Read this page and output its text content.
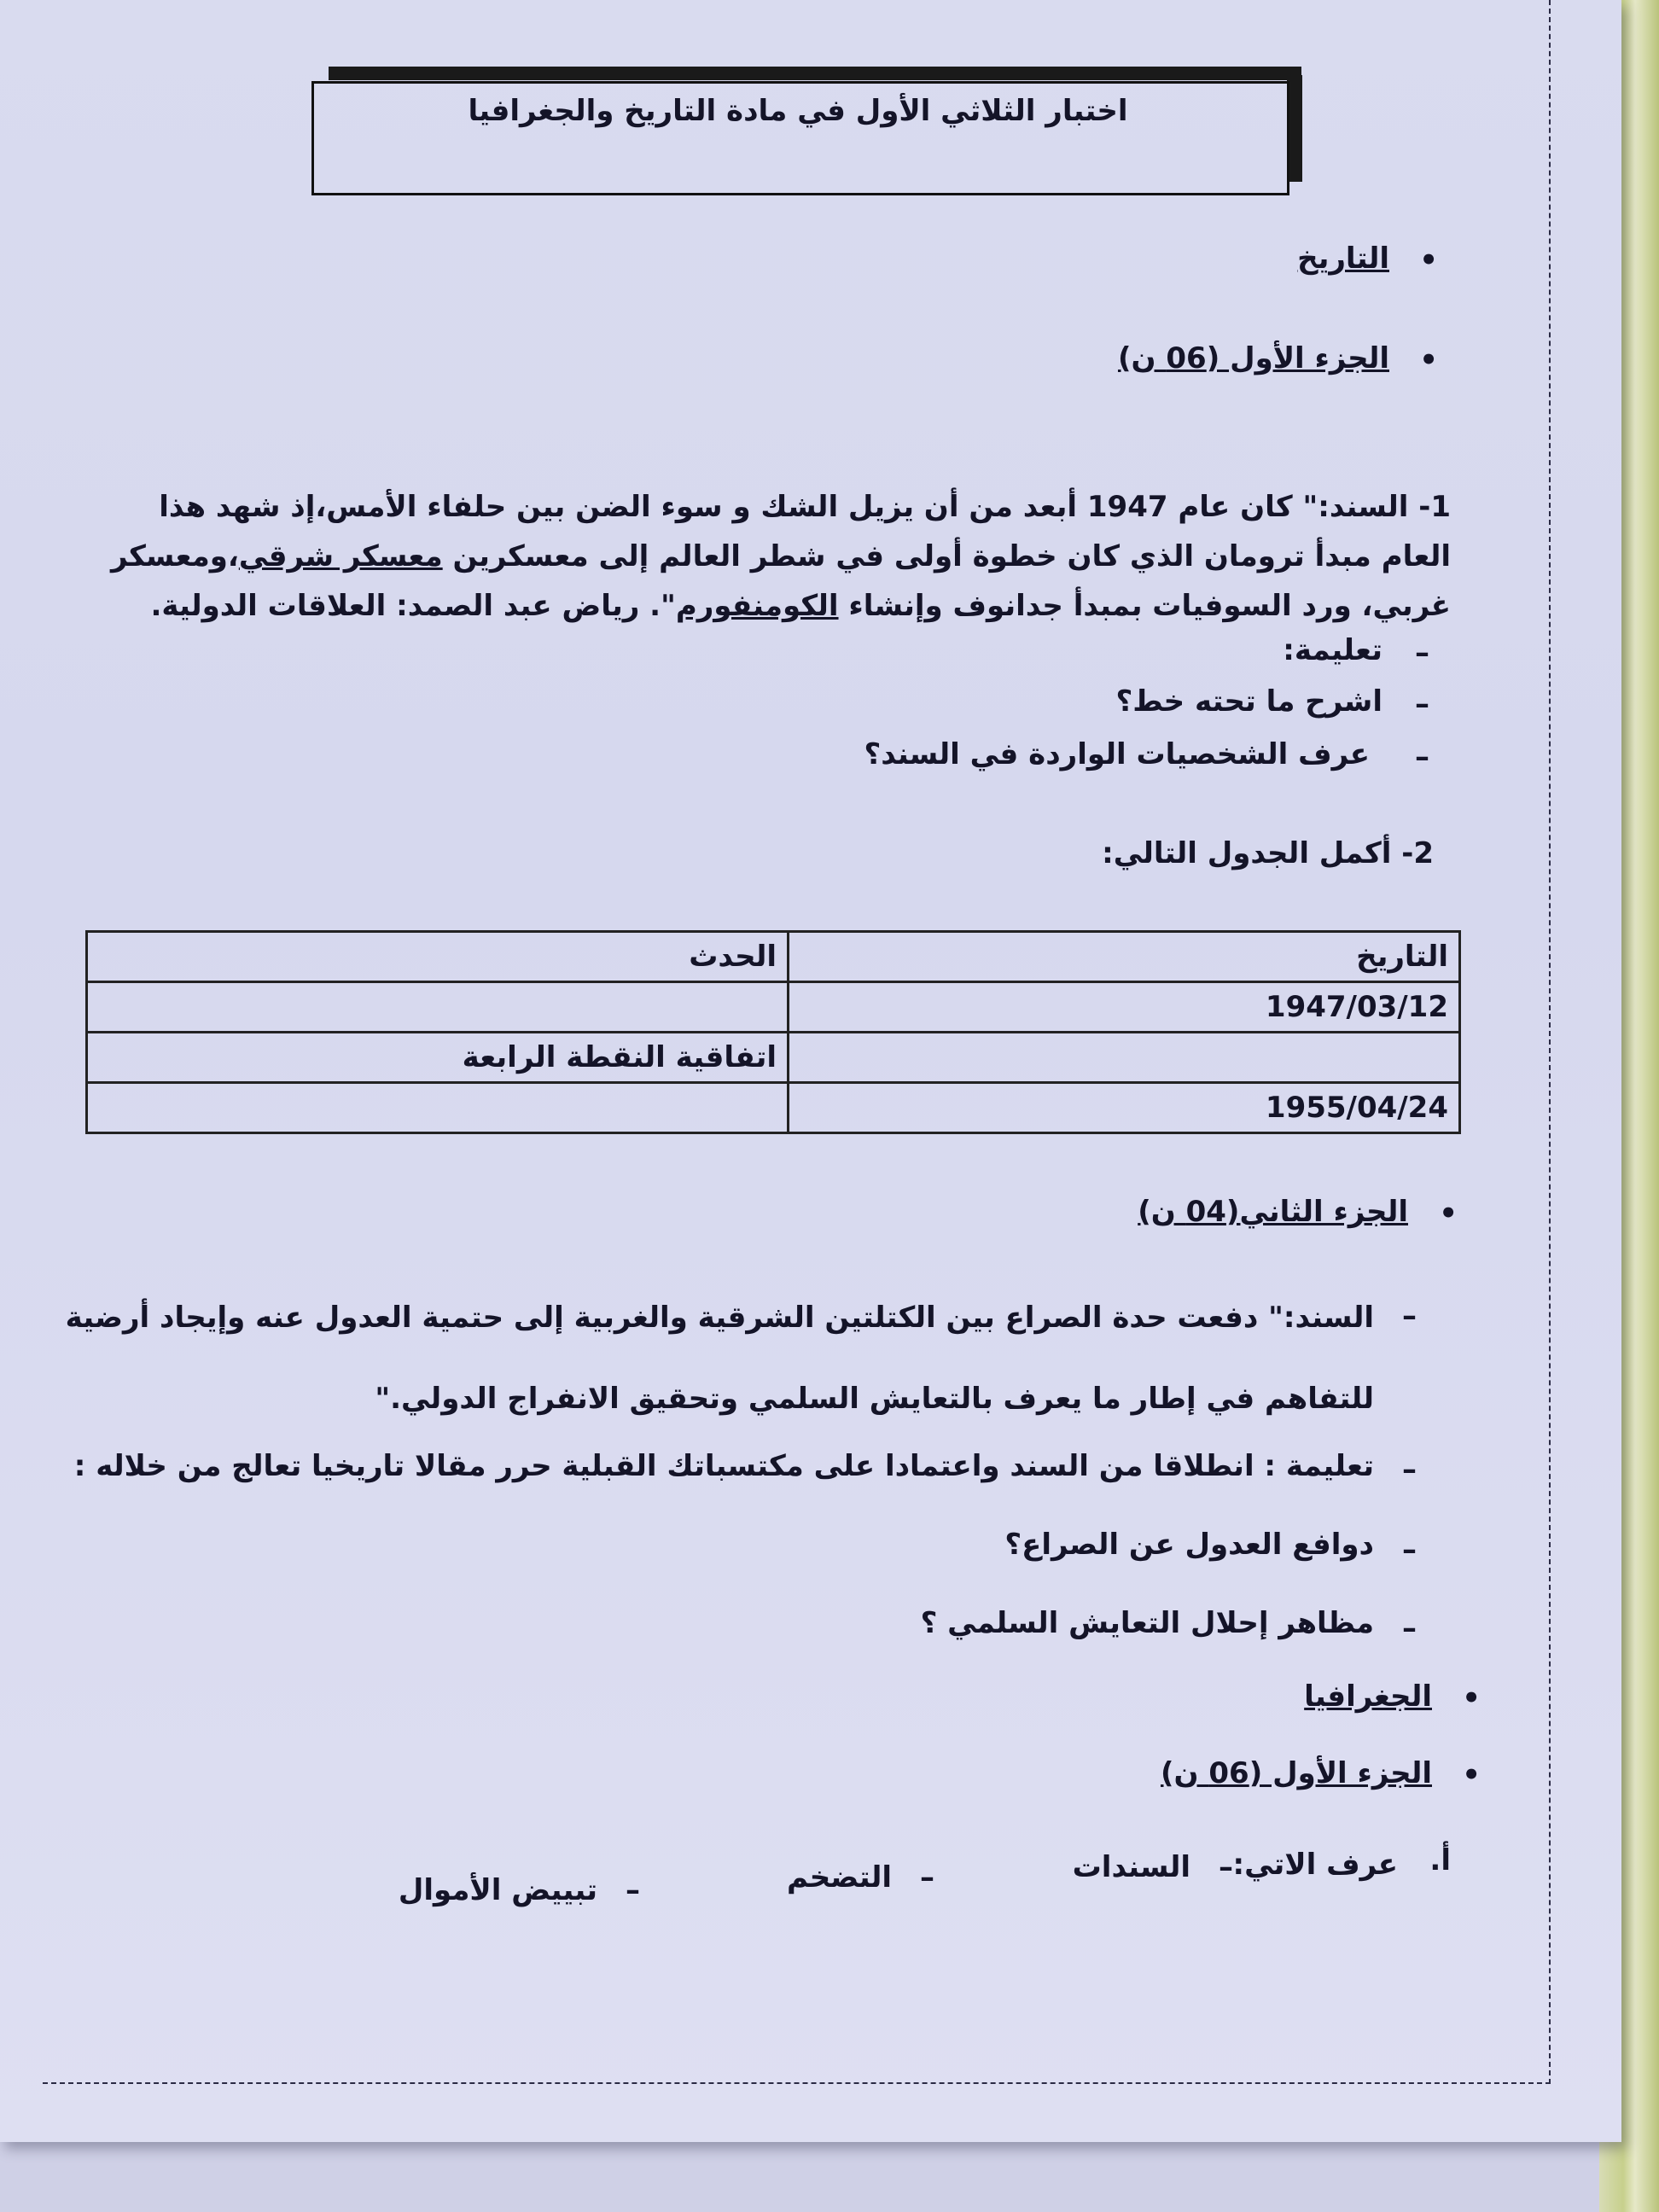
اختبار الثلاثي الأول في مادة التاريخ والجغرافيا
•
التاريخ
•
الجزء الأول (06 ن)
1- السند:" كان عام 1947 أبعد من أن يزيل الشك و سوء الضن بين حلفاء الأمس،إذ شهد هذا
العام مبدأ ترومان الذي كان خطوة أولى في شطر العالم إلى معسكرين معسكر شرقي،ومعسكر
غربي، ورد السوفيات بمبدأ جدانوف وإنشاء الكومنفورم". رياض عبد الصمد: العلاقات الدولية.
–
تعليمة:
–
اشرح ما تحته خط؟
–
عرف الشخصيات الواردة في السند؟
2- أكمل الجدول التالي:
التاريخ	الحدث
1947/03/12	
	اتفاقية النقطة الرابعة
1955/04/24	
•
الجزء الثاني(04 ن)
–
السند:" دفعت حدة الصراع بين الكتلتين الشرقية والغربية إلى حتمية العدول عنه وإيجاد أرضية
للتفاهم في إطار ما يعرف بالتعايش السلمي وتحقيق الانفراج الدولي."
–
تعليمة : انطلاقا من السند واعتمادا على مكتسباتك القبلية حرر مقالا تاريخيا تعالج من خلاله :
–
دوافع العدول عن الصراع؟
–
مظاهر إحلال التعايش السلمي ؟
•
الجغرافيا
•
الجزء الأول (06 ن)
أ.
عرف الاتي:
–
السندات
–
التضخم
–
تبييض الأموال
